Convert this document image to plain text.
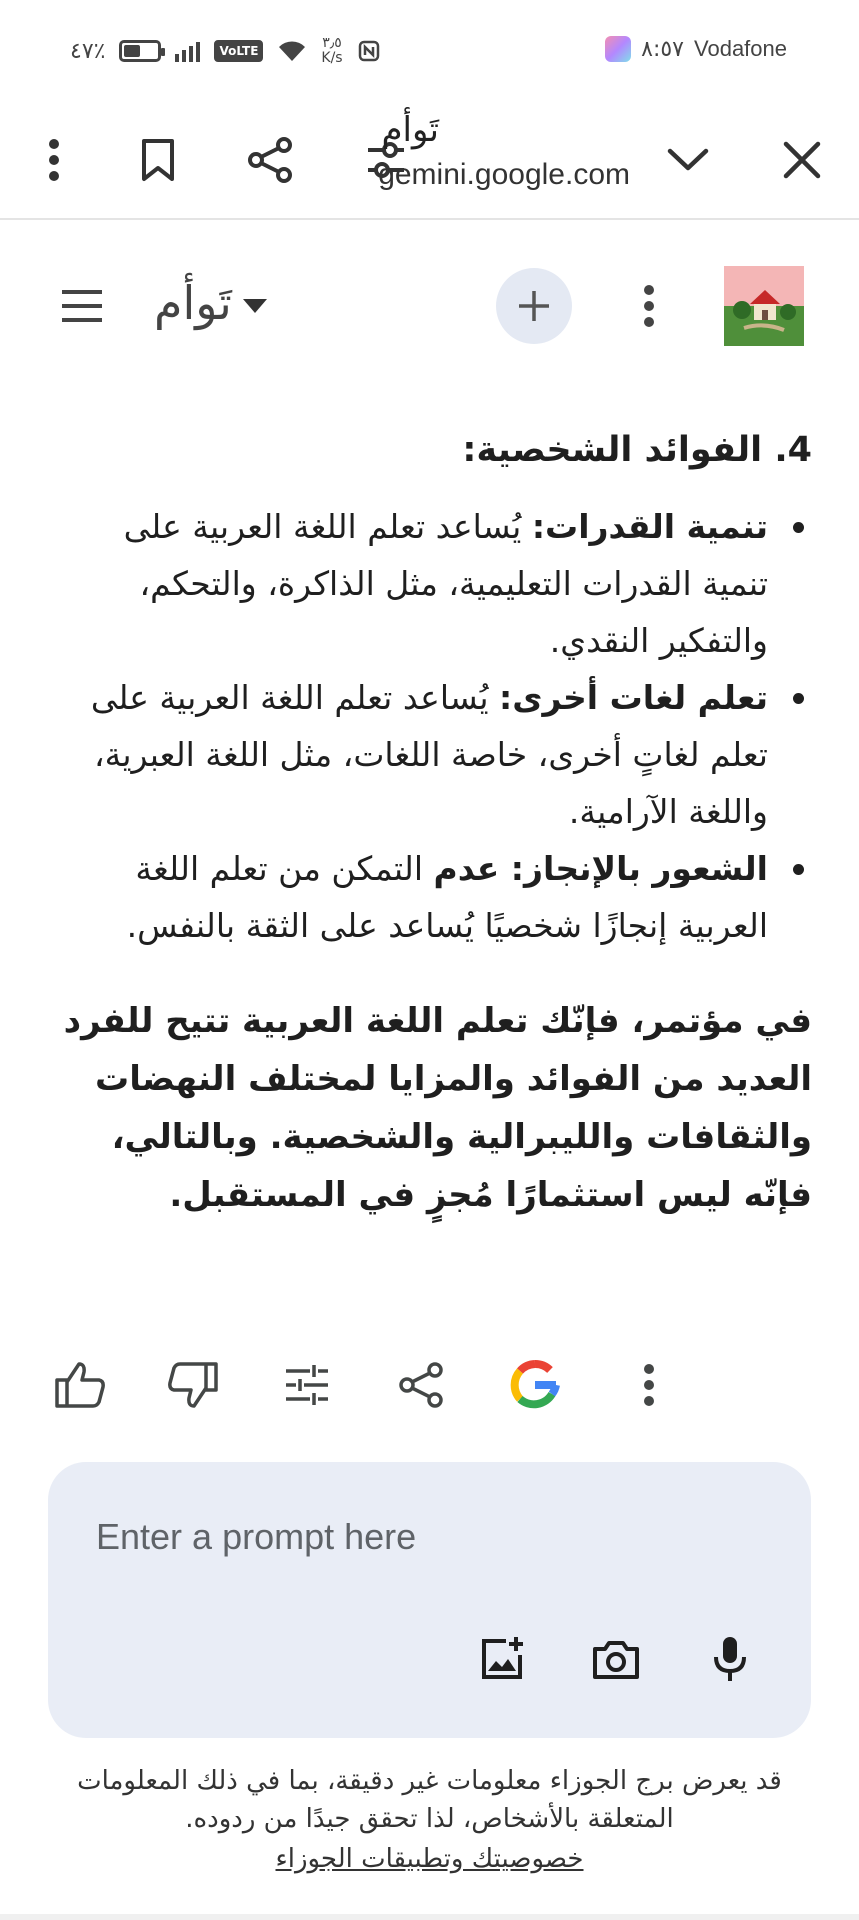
٤٧٪	VoLTE	٣٫٥
K/s	٨:٥٧ Vodafone
تَوأم
gemini.google.com
تَوأم
4. الفوائد الشخصية:
تنمية القدرات: يُساعد تعلم اللغة العربية على تنمية القدرات التعليمية، مثل الذاكرة، والتحكم، والتفكير النقدي.
تعلم لغات أخرى: يُساعد تعلم اللغة العربية على تعلم لغاتٍ أخرى، خاصة اللغات، مثل اللغة العبرية، واللغة الآرامية.
الشعور بالإنجاز: عدم التمكن من تعلم اللغة العربية إنجازًا شخصيًا يُساعد على الثقة بالنفس.
في مؤتمر، فإنّك تعلم اللغة العربية تتيح للفرد العديد من الفوائد والمزايا لمختلف النهضات والثقافات والليبرالية والشخصية. وبالتالي، فإنّه ليس استثمارًا مُجزٍ في المستقبل.
Enter a prompt here
قد يعرض برج الجوزاء معلومات غير دقيقة، بما في ذلك المعلومات المتعلقة بالأشخاص، لذا تحقق جيدًا من ردوده.
خصوصيتك وتطبيقات الجوزاء
